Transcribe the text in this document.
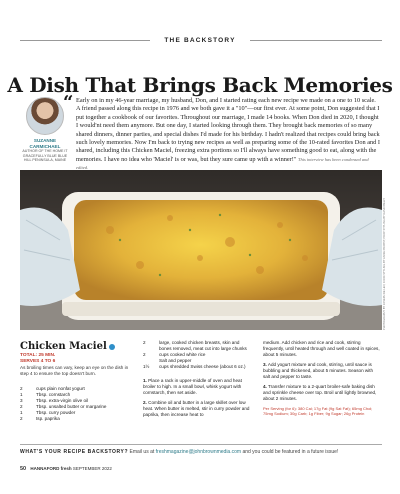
THE BACKSTORY
A Dish That Brings Back Memories
SUZANNE CARMICHAEL
AUTHOR OF THE HOME IT GRACEFULLY BLUE BLUE HILL PENINSULA, MAINE
“ Early on in my 46-year marriage, my husband, Don, and I started rating each new recipe we made on a one to 10 scale. A friend passed along this recipe in 1976 and we both gave it a "10"—our first ever. At some point, Don suggested that I put together a cookbook of our favorites. Throughout our marriage, I made 14 books. When Don died in 2020, I thought I would'nt need them anymore. But one day, I started looking through them. They brought back memories of so many shared dinners, dinner parties, and special dishes I'd made for his birthday. I hadn't realized that recipes could bring back such lovely memories. Now I'm back to trying new recipes as well as preparing some of the 10-rated favorites Don and I shared, including this Chicken Maciel, freezing extra portions so I'll always have something good to eat, along with the memories. I have no idea who 'Maciel' is or was, but they sure came up with a winner!" This interview has been condensed and edited.
PHOTOGRAPHY BY JOSEPH DE LEO; FOOD STYLING BY ANNIE PROBST; PROP STYLING BY RANDI BELLY
Chicken Maciel
TOTAL: 25 MIN.
SERVES 4 TO 6
As broiling times can vary, keep an eye on the dish in step 4 to ensure the top doesn't burn.
2	cups plain nonfat yogurt
1	Tbsp. cornstarch
3	Tbsp. extra-virgin olive oil
2	Tbsp. unsalted butter or margarine
1	Tbsp. curry powder
2	tsp. paprika
2	large, cooked chicken breasts, skin and bones removed, meat cut into large chunks
2	cups cooked white rice
Salt and pepper
1½	cups shredded Swiss cheese (about 6 oz.)

1. Place a rack in upper-middle of oven and heat broiler to high. In a small bowl, whisk yogurt with cornstarch, then set aside.

2. Combine oil and butter in a large skillet over low heat. When butter is melted, stir in curry powder and paprika, then increase heat to

medium. Add chicken and rice and cook, stirring frequently, until heated through and well coated in spices, about 5 minutes.

3. Add yogurt mixture and cook, stirring, until sauce is bubbling and thickened, about 5 minutes. Season with salt and pepper to taste.

4. Transfer mixture to a 2-quart broiler-safe baking dish and sprinkle cheese over top. Broil until lightly browned, about 2 minutes.

Per Serving (for 6): 380 Cal; 17g Fat (9g Sat Fat); 65mg Chol; 75mg Sodium; 30g Carb; 1g Fiber; 9g Sugar; 26g Protein
WHAT'S YOUR RECIPE BACKSTORY? Email us at freshmagazine@johnbrownmedia.com and you could be featured in a future issue!
50 HANNAFORD fresh SEPTEMBER 2022
